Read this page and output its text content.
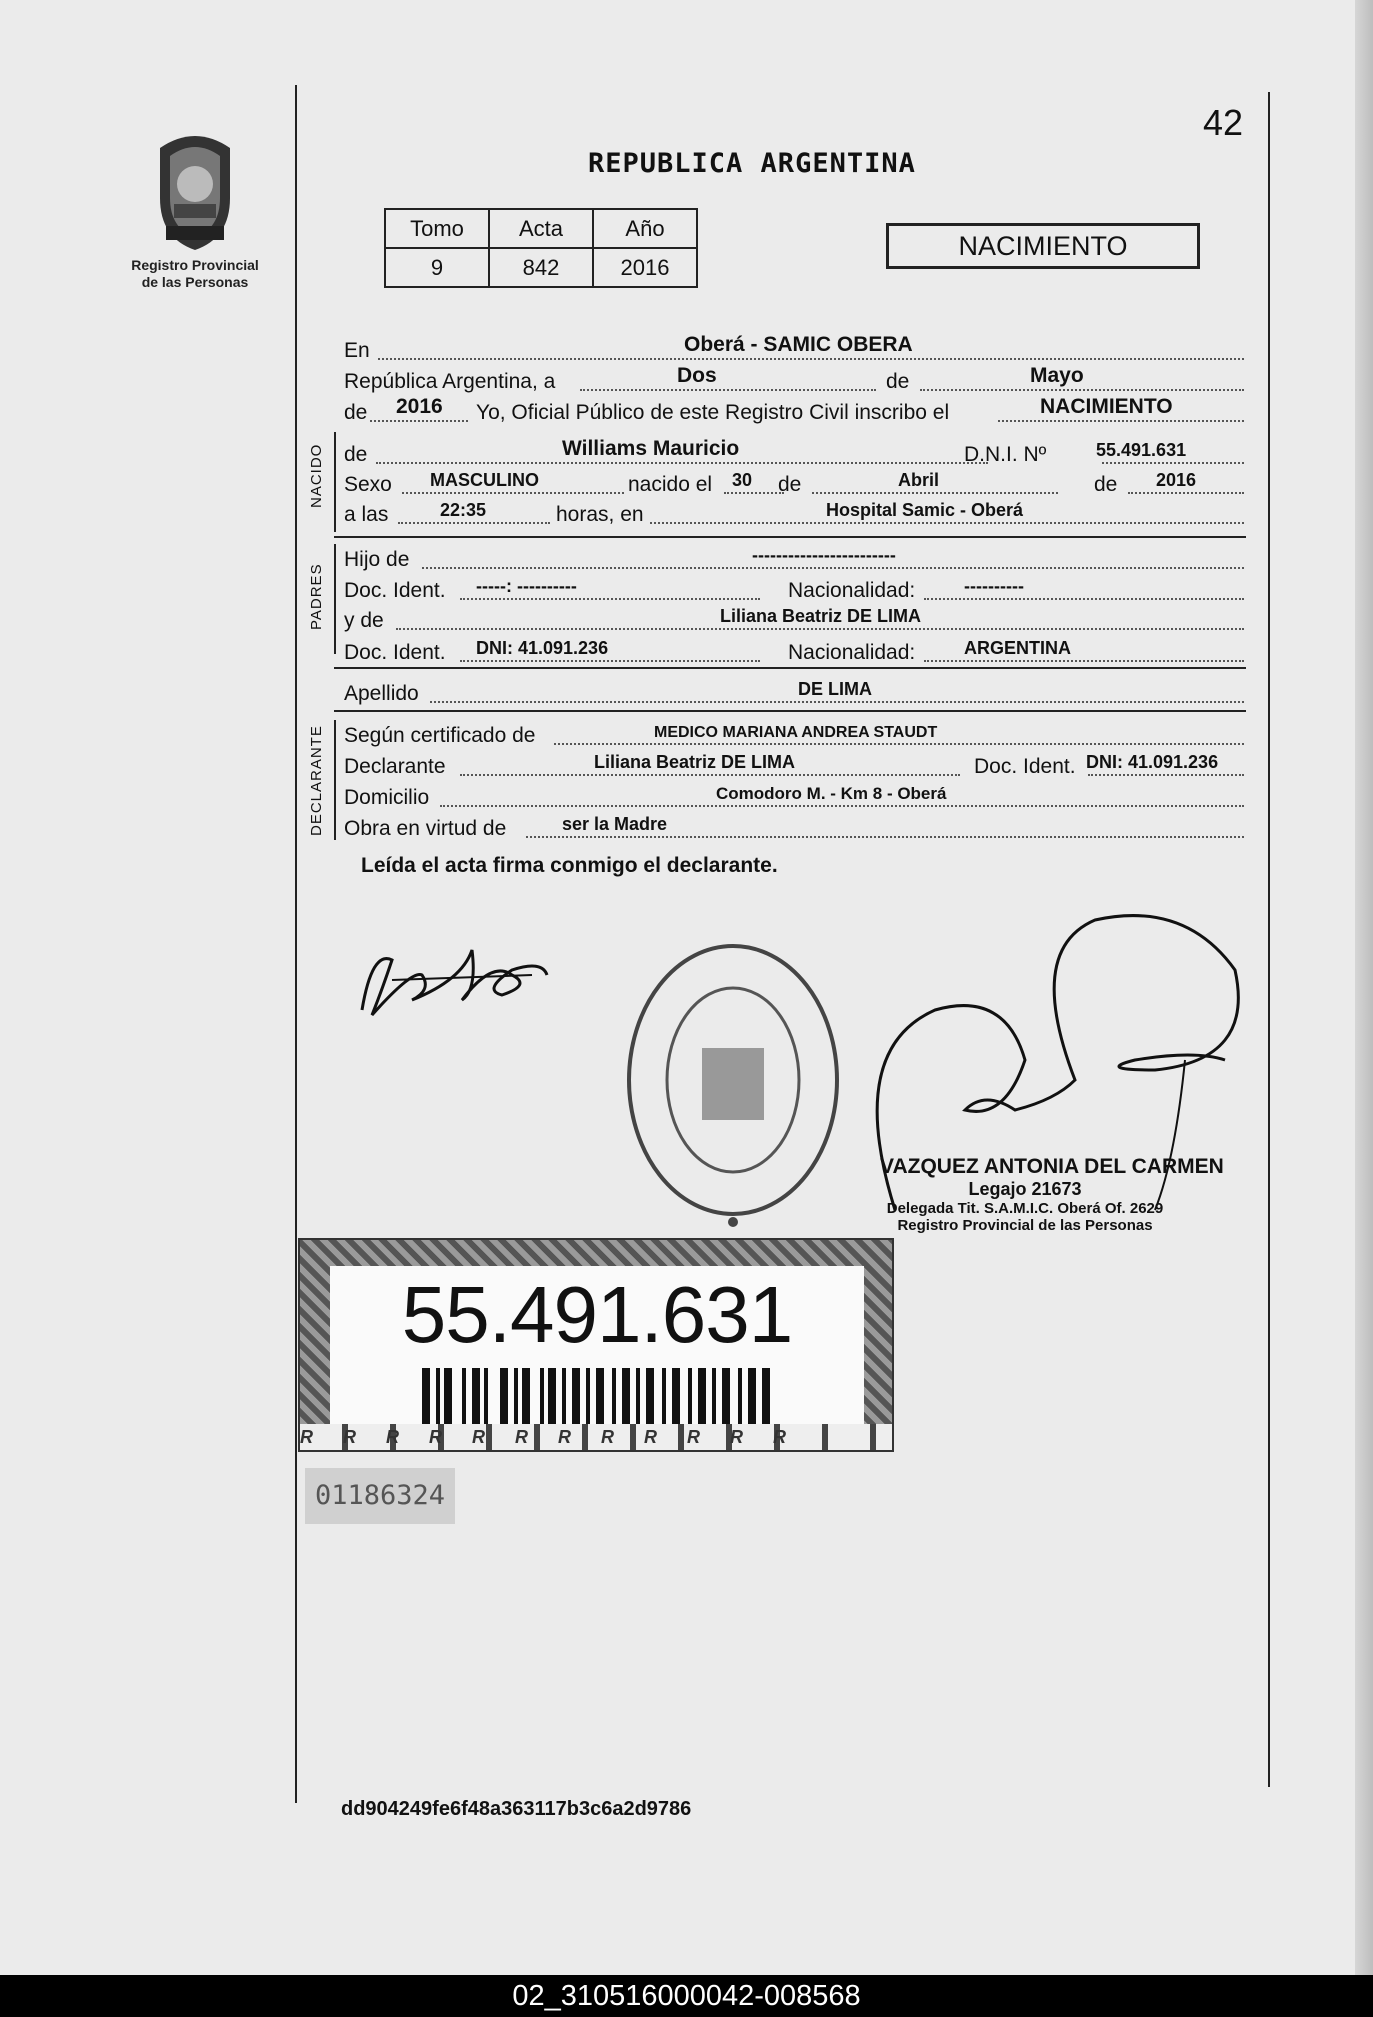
Registro Provincial
de las Personas
42
REPUBLICA ARGENTINA
Tomo	Acta	Año
9	842	2016
NACIMIENTO
En	Oberá - SAMIC OBERA
República Argentina, a	Dos	de	Mayo
de 2016 Yo, Oficial Público de este Registro Civil inscribo el	NACIMIENTO
NACIDO de	Williams Mauricio	D.N.I. Nº	55.491.631
Sexo MASCULINO	nacido el 30 de	Abril	de 2016
a las	22:35	horas, en	Hospital Samic - Oberá
PADRES
Hijo de	------------------------
Doc. Ident. -----: ----------	Nacionalidad:	----------
y de	Liliana Beatriz DE LIMA
Doc. Ident. DNI: 41.091.236	Nacionalidad:	ARGENTINA
Apellido	DE LIMA
DECLARANTE Según certificado de	MEDICO MARIANA ANDREA STAUDT
Declarante	Liliana Beatriz DE LIMA	Doc. Ident. DNI: 41.091.236
Domicilio	Comodoro M. - Km 8 - Oberá
Obra en virtud de	ser la Madre
Leída el acta firma conmigo el declarante.
VAZQUEZ ANTONIA DEL CARMEN
Legajo 21673
Delegada Tit. S.A.M.I.C. Oberá Of. 2629
Registro Provincial de las Personas
55.491.631
RRRRRRRRRRRR
01186324
dd904249fe6f48a363117b3c6a2d9786
02_310516000042-008568
